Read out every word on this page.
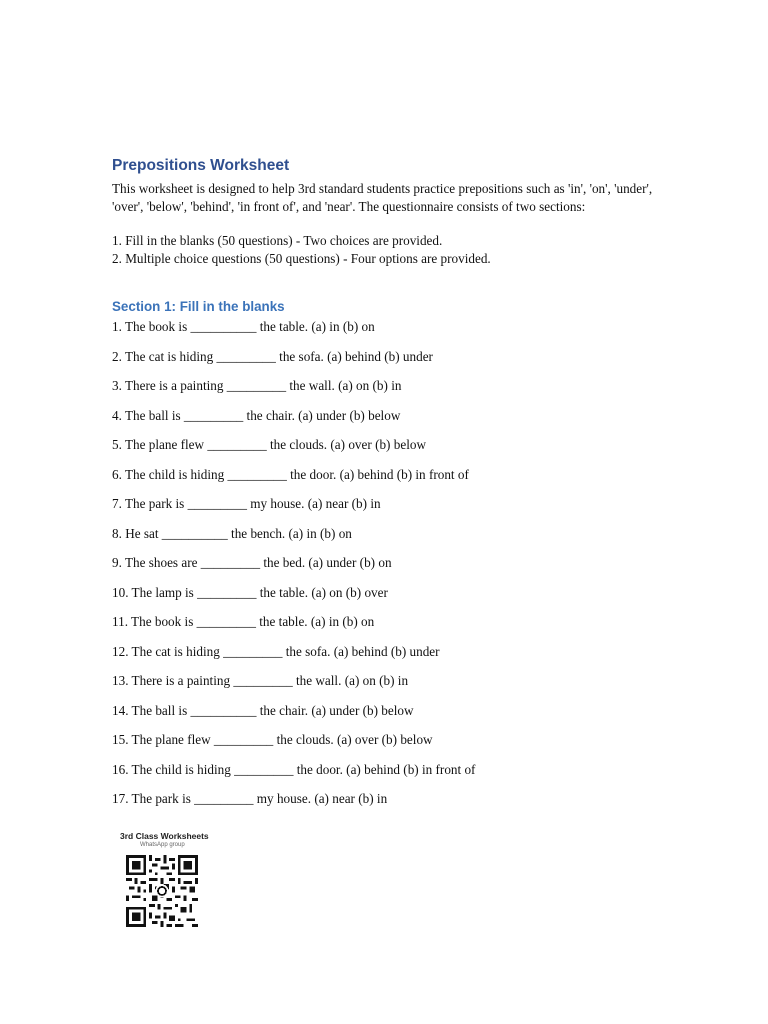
Prepositions Worksheet

This worksheet is designed to help 3rd standard students practice prepositions such as 'in', 'on', 'under', 'over', 'below', 'behind', 'in front of', and 'near'. The questionnaire consists of two sections:

1. Fill in the blanks (50 questions) - Two choices are provided.
2. Multiple choice questions (50 questions) - Four options are provided.
Section 1: Fill in the blanks
1. The book is __________ the table. (a) in (b) on
2. The cat is hiding _________ the sofa. (a) behind (b) under
3. There is a painting _________ the wall. (a) on (b) in
4. The ball is _________ the chair. (a) under (b) below
5. The plane flew _________ the clouds. (a) over (b) below
6. The child is hiding _________ the door. (a) behind (b) in front of
7. The park is _________ my house. (a) near (b) in
8. He sat __________ the bench. (a) in (b) on
9. The shoes are _________ the bed. (a) under (b) on
10. The lamp is _________ the table. (a) on (b) over
11. The book is _________ the table. (a) in (b) on
12. The cat is hiding _________ the sofa. (a) behind (b) under
13. There is a painting _________ the wall. (a) on (b) in
14. The ball is __________ the chair. (a) under (b) below
15. The plane flew _________ the clouds. (a) over (b) below
16. The child is hiding _________ the door. (a) behind (b) in front of
17. The park is _________ my house. (a) near (b) in
3rd Class Worksheets
WhatsApp group
